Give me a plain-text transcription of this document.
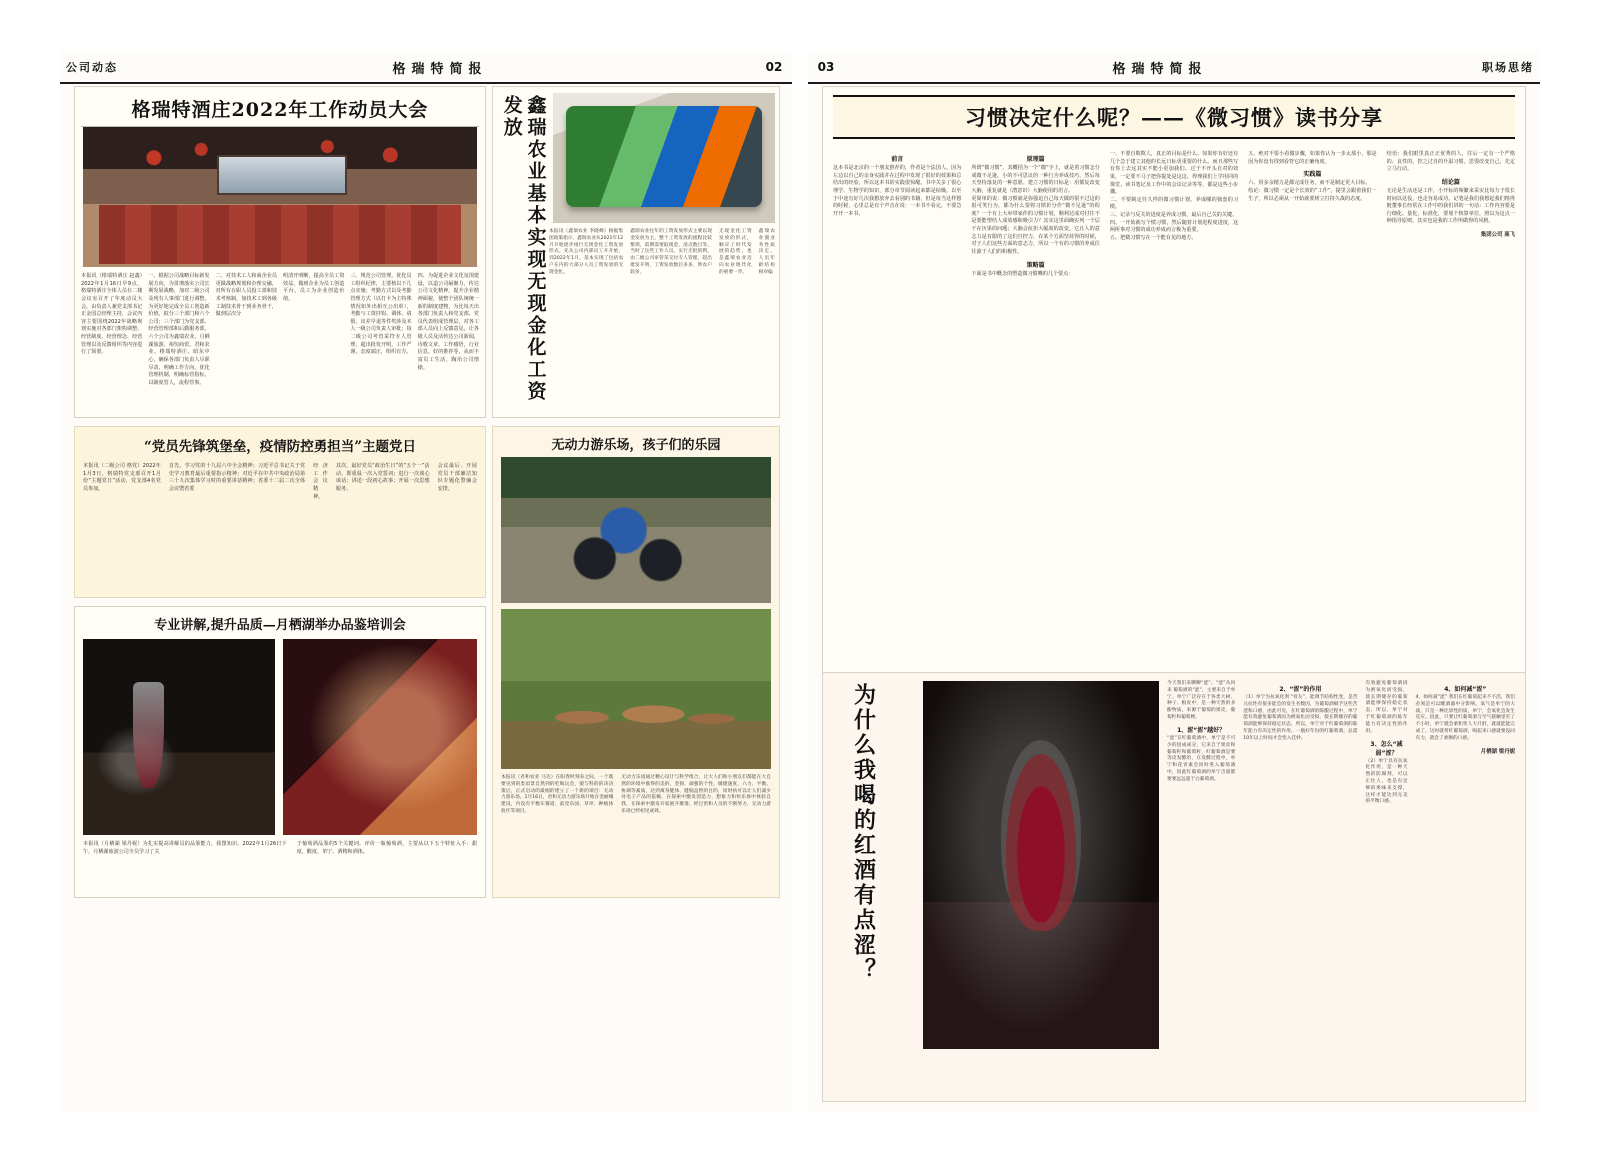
公司动态	格瑞特简报	02
格瑞特酒庄2022年工作动员大会
本报讯（格瑞特酒庄 赵鑫）2022年1月16日早9点，格瑞特酒庄全体人员在二楼会议室召开了年度动员大会。由负责人兼党支部书记正金国总经理主持，会议内容主要围绕2022年战略规划实施对各部门架构调整、经营制度、经营理念、经营管理以及反馈组织等内容进行了简要。
一、根据公司战略目标新发展方向，为贯彻落实公司长期发展战略，加对二级公司及现有人事部门进行调整。为更好地完成全员工创造新价值，拟分三个部门和六个公司；三个部门为党支部、经营管理部和后勤服务部，六个公司为鑫瑞农业、月栖湖旅游、裕恒商贸、君和农业、格瑞特酒庄、昭东中心，确保各部门负责人尽职尽责，明确工作方向，优化管理机制，明确标管指标，以制度管人，流程管事。
二、对技术工人和商企业员更做战略规划和企理交融，对所有在职人员投工部和技术考核制，加技术工到各级工制技术骨干到业务骨干，做到层次分
明清开明晰，提高全员工资效益，做到企业为员工创造平台，员工为企业创造价值。
三、规范公司管理，优化员工组织纪律，主要核以下几点实施；考勤方式以及考勤管理方式（以打卡为主特殊情况如外出相互公出单），考勤与工资挂钩、调休、请假，出差早退等件奖涉及本人一级公司负责人审批；每二级公司考管采符专人管理，超出批发开明，工作严谨、态度端正，组织有方。
四、为促进企业文化氛围建设，以造公司凝聚力，传达公司文化精神，提升企业精神面貌，使整个团队统统一新的制度建物，为比每天出各部门负责人和党支部、党员代表组成管理层，对各工部人员向上反馈意见，让各级人员及活传达公司新闻，诗歌文章，工作感悟，行业信息。好的推荐等，从而丰富员工生活，陶冶公司情操。
“党员先锋筑堡垒，疫情防控勇担当”主题党日
本报讯（二级公司 格党）2022年1月3日，格瑞特党支部召开1月份“主题党日”活动，党支部4名党员参加。
首先、学习党的十九届六中全会精神；习近平总书记关于党史学习教育最后重要指示精神；对近平在中共中央政治局第三十九次集体学习时的重要讲话精神；省委十二届二次全体会议暨省委
经济工作会议精神。
其次，最好党员“政治生日”的“五个一”活动，即重温一次入党誓词；进行一次谈心谈话；讲述一段初心故事；开展一次思想服务。
会议最后，开展党员干部廉洁知识专题化警廉会安排。
专业讲解,提升品质—月栖湖举办品鉴培训会
本报讯（月栖湖 梁丹妮）为扎实提高讲解员的品鉴能力，我图知识。2022年1月26日下午，月栖湖旅游公司全员学习了关
于葡萄酒品鉴的5个关键词。评价一瓶葡萄酒，主要从以下五个特怔入手：甜度、酸度、单宁、酒精和酒体。
鑫瑞农业基本实现无现金化工资发放
本报讯（鑫瑞农业 李晓峰）根据集团政策指示，鑫瑞农业从2021年12月开始逐步推行无现金化工资发放形式。先从公司内部员工开开始，到2022年1月，基本实现了包括农户在内的大部分人员工资发放的无现金化。
鑫瑞农业往年的工资发放形式主要以现金发放为主，整个工资发放的流程比较繁琐，前期需要取现金、清点数目等，当时了这些工作人员。实行无批的利，由二级公司审管采交付专人管理，超出批发开明，工资发放数目多多，涉农户较多。
无现金化工资发放的形式，顺应了时代发展的趋势，也是鑫瑞农业迈向农业现代化的重要一步。
鑫瑞农业图业务性质决定，人员年龄结构相对偏
无动力游乐场，孩子们的乐园
本报讯（君和农业 马达）在阳春时刻来之际，一个既要见到的类似景自然到的吃喝玩会，锻与科的的决决策后，正式启动的最刚的建立了一个新的项目：无动力游乐场。1月16日，君和无动力游乐场开始在金丽城建设，内设有平衡车赛道、前党乐园、草坪、种植体验区等项目。
无动力乐园通过精心设计与科学组合，让大人们和小朋友们都能在大自然的环境中涨得的美的、坚韧、顽强的个性、敏捷速度、六力、平衡、协调等素质，达到寓身健体、健脑益智的目的，同时执可以让人们减少对电子产品的依赖，在探索中激发创造力、想象力和快乐体中体验自我，在探索中激发开家展开聚谱、经过贵和人员的不断努力，无动力游乐场已经初见成效。
03	格瑞特简报	职场思绪
习惯决定什么呢？——《微习惯》读书分享
前言
这本书是北京的一个朋友推荐的，作者是个法国人。因为左边以自己的亲身实践并在过程中发现了很好的效果和总结出的经验，所以这本书的实践很惊醒。书中关多了很心理学、生物学的知识，部分章节阅读起来都是枯燥。以至于中途有好几次我想放弃去看别的书籍，但是每当这样想的时候，心里总是有个声音在说：一本书不看完，不要急开开一本书。
原理篇
所谓“微习惯”，其概括为一个“微”字上，就是着习惯怎分成微不足逊、小的不可思议的一种行为养成技巧，然后每天坚持落复的一种意愿。建立习惯的日标是：用循复改变大脑，重复就是（潜意识）大脑使用的语言。
更简单的说：微习惯就是弥强迫自己每天做的很不过这的很可笑行为，都为什么要将习惯折分作“微不足逊”的程度？一个有上大举带家作的习惯计划，顺利达成对付往不是要能塑结人成效感和吸引力？其实这里面确实列一个层干在历果的问题；大脑会抗拒大幅度的改变。它且人的意志力是有限的了这们自控力，在某个方面坚持得的时候，对于人们这些方面的意志力，所以一个有的习惯的养成往往源于人们的积极性。
策略篇
下面是书中概念的塑造微习惯嘴的几个要点：
一、不要自欺欺人，真正的目标是什么。如果你有好还有几个急于建立其他的长远日标更重要的什么。而且那些写有你上去这其实不能小更加我们、过于不开头自对的效果，一定要不马子把你提处是这这、得理我们上学用同的课堂、读书笔记及工作中的会议记录等等，都是这些小步骤。
二、不要制定任久样的微习惯计划，养成哪的独套的习惯。
三、记录与反关的进度是养成习惯，最后自己关的关键。
四、一开始就写个惯习惯，然后随着计划进程度进度，这两所事对习惯的成功养成而言极为重要。
五、把微习惯写在一个能有见的地方。
五、绝对不要小看微步骤，如果你认为一步太那小，那是因为你没有找到看符它的正确角度。
实践篇
六、用多余精力是都完成任务，而不是制定更大目标。
绘论：微习惯一定是个长效的“工作”，提里会跟着我们一生子，所以必须从一开始就要树立打持久战的态度。
结语：我们眼里真正正优秀的人，往后一定有一个严格的、良性的、控之过自的升温习惯。思要改变自己，先定立马行动。
结论篇
无论是生活还是工作，小开标的频繁来采实比每力子很长时间以这役，也走容易成功。记笔是我们我想起我们格得链董事长经常在工作中的我们讲的一句话：工作内容要是行细化、量化、标准化，要划个核算单位，照以为这点一种指导原则，其实也是我的工作所做得的风格。
集团公司 高飞
为什么我喝的红酒有点涩？	今天我们来聊聊“涩”。“涩”从何来 葡萄酒的“涩”，主要来自于单宁。单宁广泛存在于各类大树、种子、根皮中，是一种天然的多酚物质，来源于葡萄的果皮、葡萄籽和葡萄梗。
1、涩“涩”越好？
“涩”在红葡萄酒中，单宁是不可少的因成成分，它来自于果皮和葡萄籽和葡萄籽，红葡萄酒是要等皮发酵的，在发酵过程中，单宁和花青素会同时进入葡萄酒中，因此红葡萄酒的单宁含量都要要远远超于白葡萄酒。
2、“涩”的作用
（1）单宁为抗氧化剂 “骨友”，能调节结构性变，是苦元抗性有很多能会的发生名数因，为葡萄酒赋予这些苦涩和口感，由此可见，在红葡萄酒的陈酿过程中，单宁能有效避免葡萄酒因为被氧化而受损，使长期储存的葡萄酒能够保持稳定状态，所以，单宁对于红葡萄酒的陈年能力有决定性的作用。一瓶好年份的红葡萄酒，总需10年以上时间才会变入佳妙。
有效避免葡萄酒因为被氧化而受损，使长期储存的葡萄酒能够保持稳定状态，所以，单宁对于红葡萄酒的陈年能力有决定性的作用。
3、怎么“减弱”涩？
（2）单宁具有抗氧化作用，是一种天然的防腐剂，可以正往人，也是有足够的果味来支撑，这样才能达到完美的平衡口感。
4、如何减“涩”
4、如何减“涩” 我们在红葡萄起来不不活，我们必须是可以醒酒器中分影响。氧气是单宁的大战，只是一种比原性的质，单宁，会氧化会发生反应。因此，只要让红葡萄酒与空气接触里有了不小时，单宁就会柔和变人大开舒，就就能能完成了。这时就将红葡萄酒，喝起来口感就要没回有力，就会了柔顺的口感。
月栖湖 梁丹妮
